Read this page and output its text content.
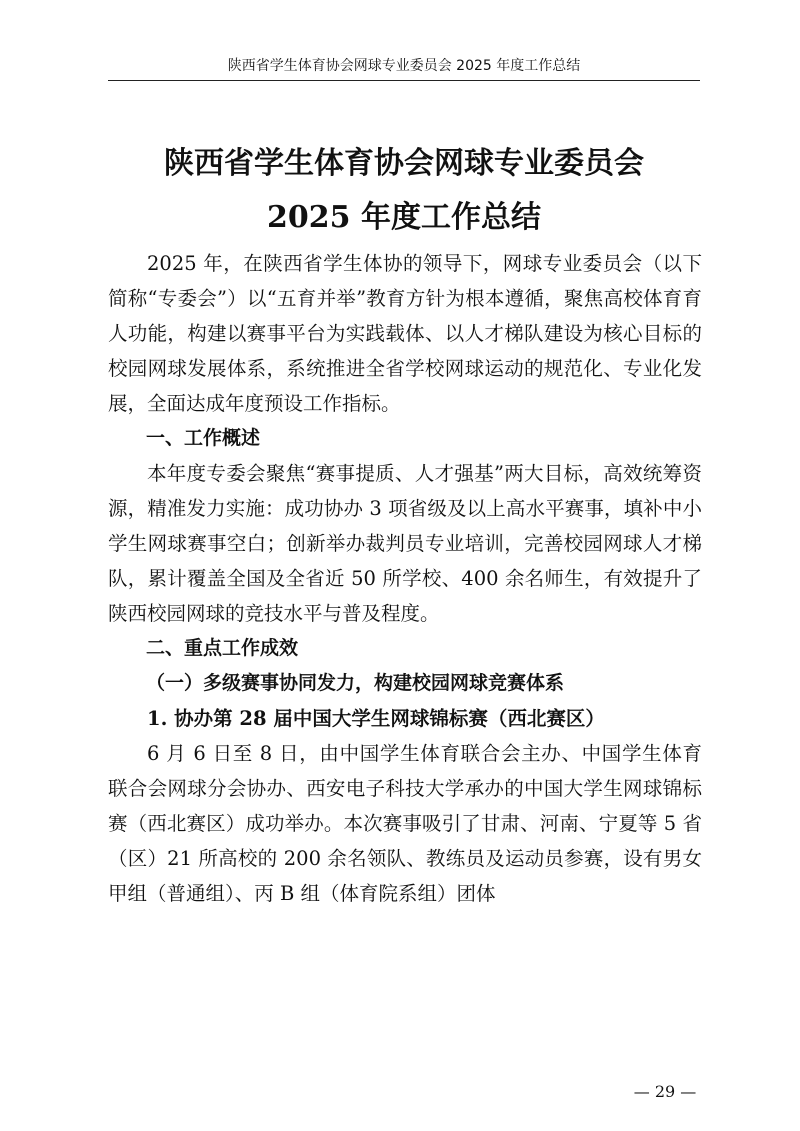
陕西省学生体育协会网球专业委员会 2025 年度工作总结
陕西省学生体育协会网球专业委员会
2025 年度工作总结

2025 年，在陕西省学生体协的领导下，网球专业委员会（以下简称“专委会”）以“五育并举”教育方针为根本遵循，聚焦高校体育育人功能，构建以赛事平台为实践载体、以人才梯队建设为核心目标的校园网球发展体系，系统推进全省学校网球运动的规范化、专业化发展，全面达成年度预设工作指标。

一、工作概述

本年度专委会聚焦“赛事提质、人才强基”两大目标，高效统筹资源，精准发力实施：成功协办 3 项省级及以上高水平赛事，填补中小学生网球赛事空白；创新举办裁判员专业培训，完善校园网球人才梯队，累计覆盖全国及全省近 50 所学校、400 余名师生，有效提升了陕西校园网球的竞技水平与普及程度。

二、重点工作成效

（一）多级赛事协同发力，构建校园网球竞赛体系

1. 协办第 28 届中国大学生网球锦标赛（西北赛区）

6 月 6 日至 8 日，由中国学生体育联合会主办、中国学生体育联合会网球分会协办、西安电子科技大学承办的中国大学生网球锦标赛（西北赛区）成功举办。本次赛事吸引了甘肃、河南、宁夏等 5 省（区）21 所高校的 200 余名领队、教练员及运动员参赛，设有男女甲组（普通组）、丙 B 组（体育院系组）团体

— 29 —
